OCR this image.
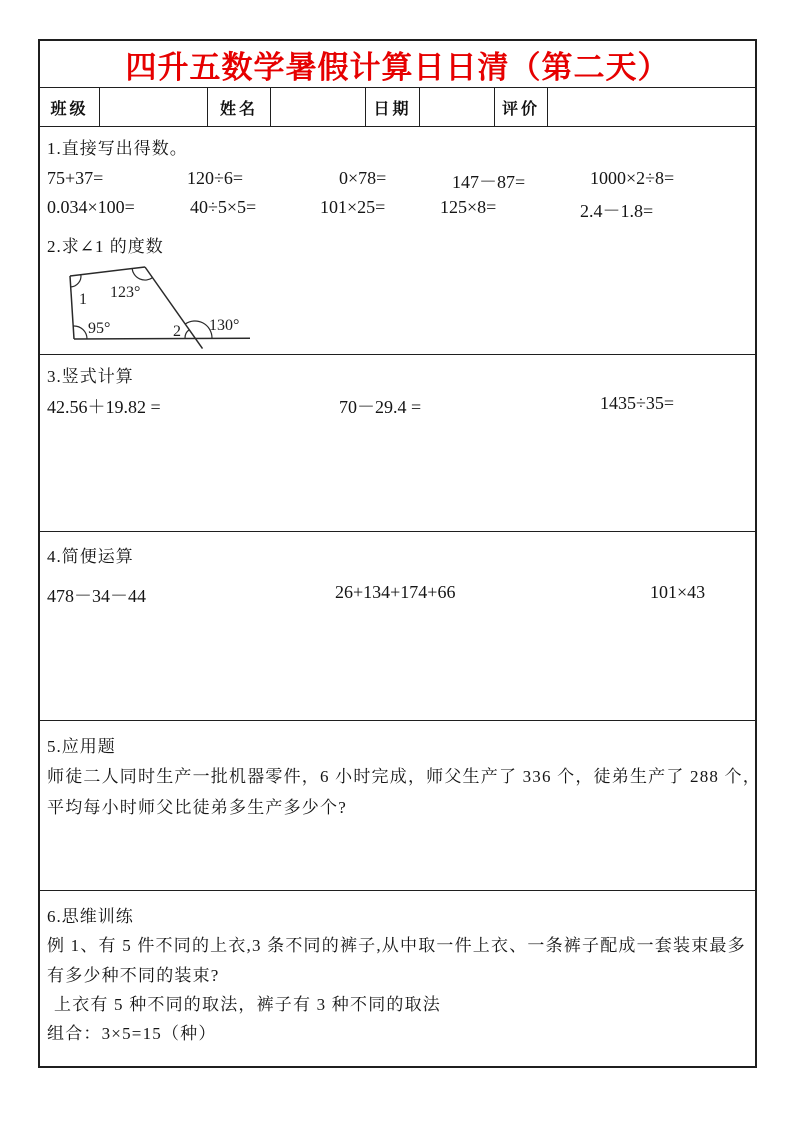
四升五数学暑假计算日日清（第二天）
班级	姓名	日期	评价
1.直接写出得数。
75+37=	120÷6=	0×78=	147－87=	1000×2÷8=
0.034×100=	40÷5×5=	101×25=	125×8=	2.4－1.8=
2.求∠1 的度数
1 123°
95°	2 130°
3.竖式计算
42.56＋19.82 =	70－29.4 =	1435÷35=
4.简便运算
478－34－44	26+134+174+66	101×43
5.应用题
师徒二人同时生产一批机器零件，6 小时完成，师父生产了 336 个，徒弟生产了 288 个，
平均每小时师父比徒弟多生产多少个?
6.思维训练
例 1、有 5 件不同的上衣,3 条不同的裤子,从中取一件上衣、一条裤子配成一套装束最多
有多少种不同的装束?
上衣有 5 种不同的取法，裤子有 3 种不同的取法
组合：3×5=15（种）
